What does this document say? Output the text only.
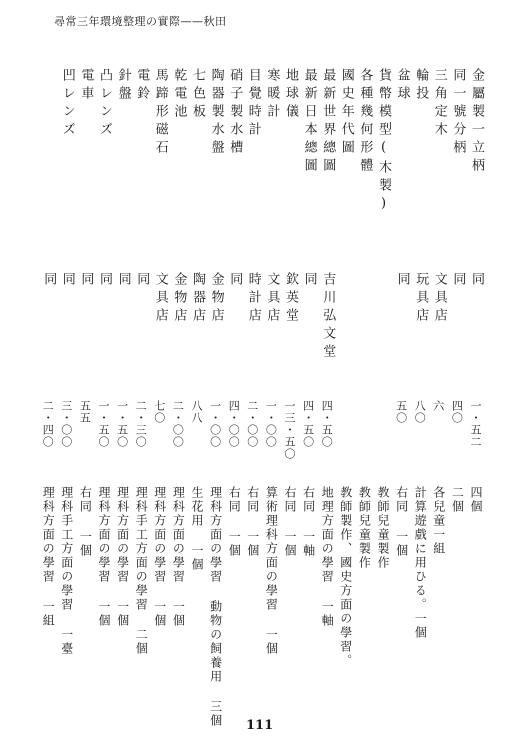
尋常三年環境整理の實際——秋田
金屬製一立柄
同
一・五二
四個
同一號分柄
同
四〇
二個
三角定木
文具店
六
各兒童一組
輪投
玩具店
八〇
計算遊戲に用ひる。一個
盆球
同
五〇
右同 一個
貨幣模型(木製)
教師兒童製作
各種幾何形體
教師兒童製作
國史年代圖
教師製作、國史方面の學習。
最新世界總圖
吉川弘文堂
四・五〇
地理方面の學習 一軸
最新日本總圖
同
四・五〇
右同 一軸
地球儀
欽英堂
一三・五〇
右同 一個
寒暖計
文具店
一・〇〇
算術理科方面の學習 一個
目覺時計
時計店
二・〇〇
右同 一個
硝子製水槽
同
四・〇〇
右同 一個
陶器製水盤
金物店
一・〇〇
理科方面の學習 動物の飼養用 三個
七色板
陶器店
八八
生花用 一個
乾電池
金物店
二・〇〇
理科方面の學習 一個
馬蹄形磁石
文具店
七〇
理科方面の學習 一個
電鈴
同
二・三〇
理科手工方面の學習 二個
針盤
同
一・五〇
理科方面の學習 一個
凸レンズ
同
一・五〇
理科方面の學習 一個
電車
同
五五
右同 一個
凹レンズ
同
三・〇〇
理科手工方面の學習 一臺
同
二・四〇
理科方面の學習 一組
111
